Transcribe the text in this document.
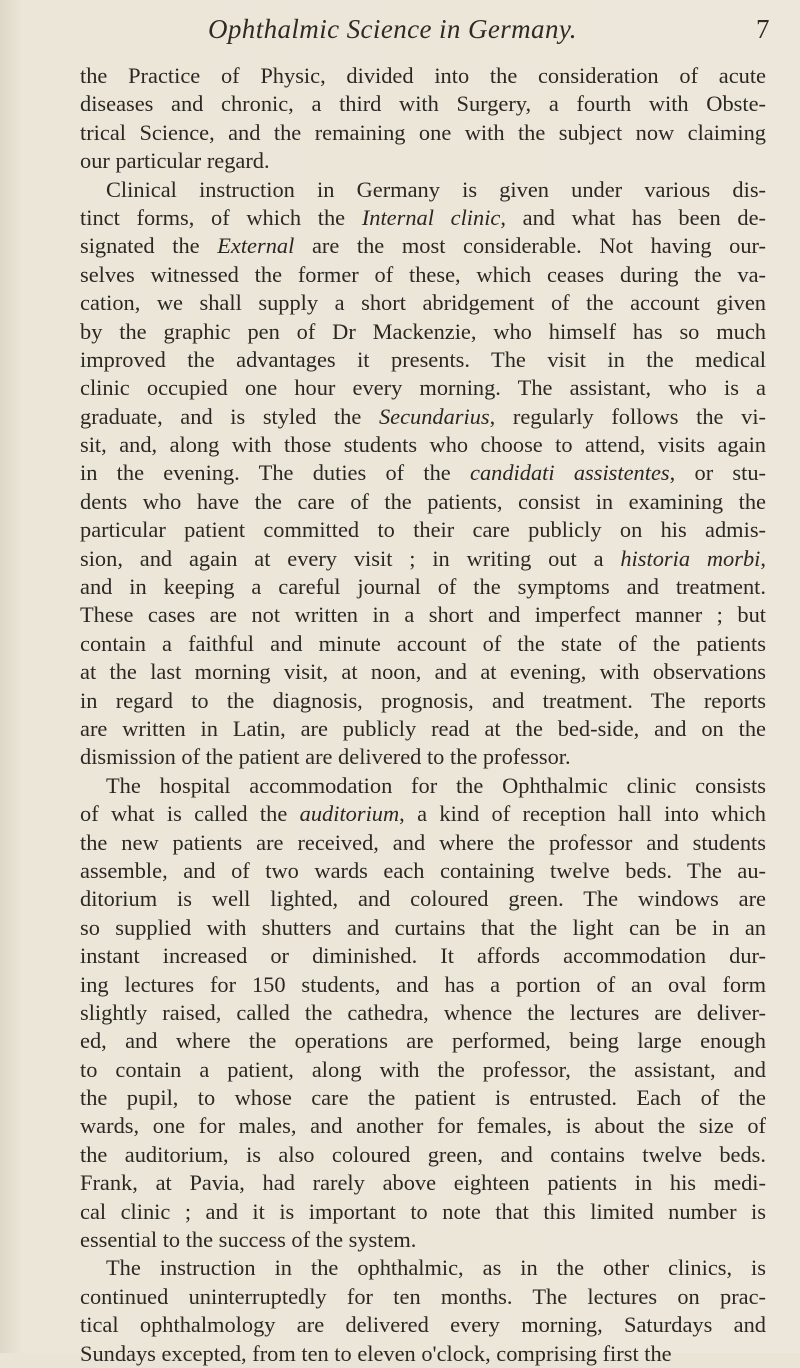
Ophthalmic Science in Germany.	7
the Practice of Physic, divided into the consideration of acute
diseases and chronic, a third with Surgery, a fourth with Obste-
trical Science, and the remaining one with the subject now claiming
our particular regard.
Clinical instruction in Germany is given under various dis-
tinct forms, of which the Internal clinic, and what has been de-
signated the External are the most considerable. Not having our-
selves witnessed the former of these, which ceases during the va-
cation, we shall supply a short abridgement of the account given
by the graphic pen of Dr Mackenzie, who himself has so much
improved the advantages it presents. The visit in the medical
clinic occupied one hour every morning. The assistant, who is a
graduate, and is styled the Secundarius, regularly follows the vi-
sit, and, along with those students who choose to attend, visits again
in the evening. The duties of the candidati assistentes, or stu-
dents who have the care of the patients, consist in examining the
particular patient committed to their care publicly on his admis-
sion, and again at every visit ; in writing out a historia morbi,
and in keeping a careful journal of the symptoms and treatment.
These cases are not written in a short and imperfect manner ; but
contain a faithful and minute account of the state of the patients
at the last morning visit, at noon, and at evening, with observations
in regard to the diagnosis, prognosis, and treatment. The reports
are written in Latin, are publicly read at the bed-side, and on the
dismission of the patient are delivered to the professor.
The hospital accommodation for the Ophthalmic clinic consists
of what is called the auditorium, a kind of reception hall into which
the new patients are received, and where the professor and students
assemble, and of two wards each containing twelve beds. The au-
ditorium is well lighted, and coloured green. The windows are
so supplied with shutters and curtains that the light can be in an
instant increased or diminished. It affords accommodation dur-
ing lectures for 150 students, and has a portion of an oval form
slightly raised, called the cathedra, whence the lectures are deliver-
ed, and where the operations are performed, being large enough
to contain a patient, along with the professor, the assistant, and
the pupil, to whose care the patient is entrusted. Each of the
wards, one for males, and another for females, is about the size of
the auditorium, is also coloured green, and contains twelve beds.
Frank, at Pavia, had rarely above eighteen patients in his medi-
cal clinic ; and it is important to note that this limited number is
essential to the success of the system.
The instruction in the ophthalmic, as in the other clinics, is
continued uninterruptedly for ten months. The lectures on prac-
tical ophthalmology are delivered every morning, Saturdays and
Sundays excepted, from ten to eleven o'clock, comprising first the
